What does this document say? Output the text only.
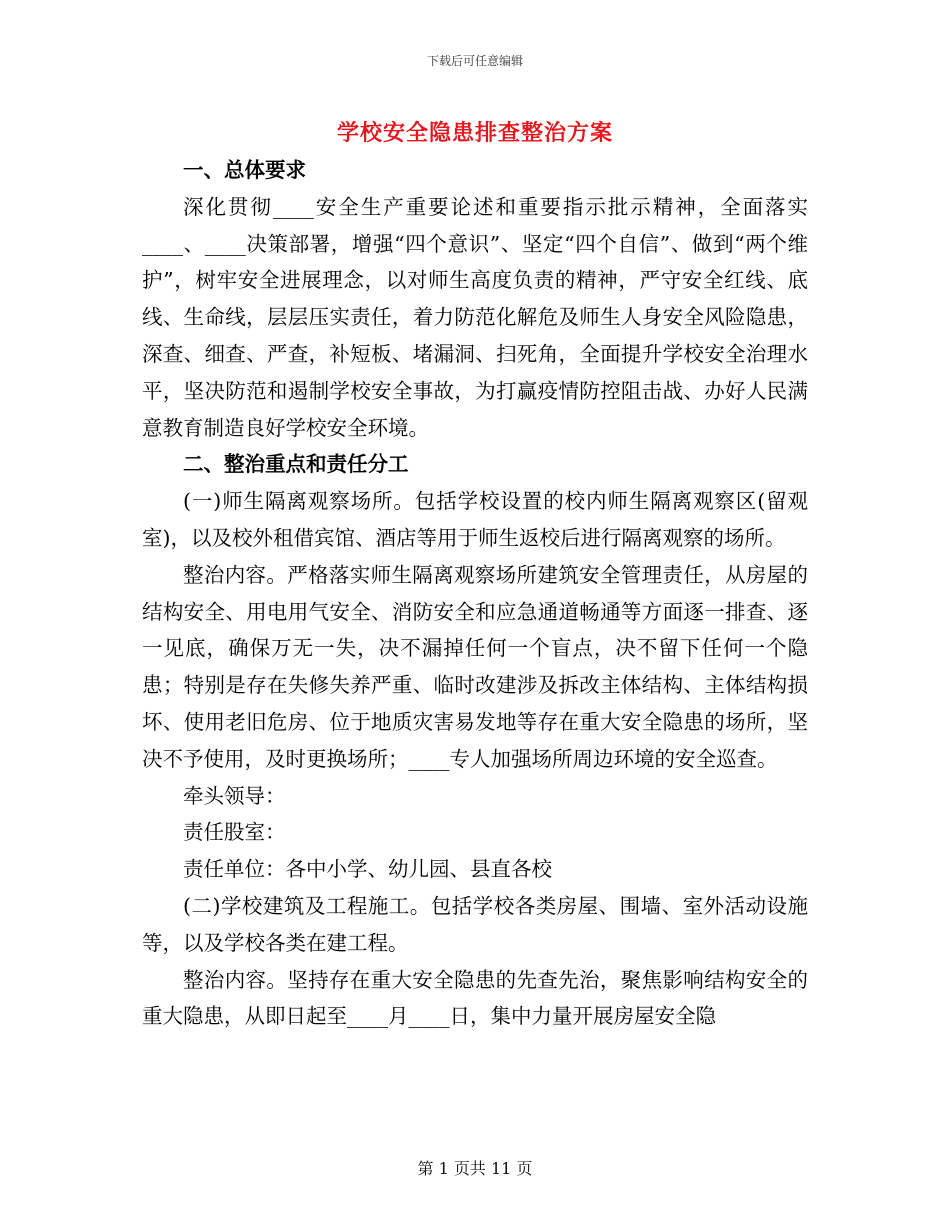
下载后可任意编辑
学校安全隐患排查整治方案
一、总体要求

深化贯彻____安全生产重要论述和重要指示批示精神，全面落实____、____决策部署，增强“四个意识”、坚定“四个自信”、做到“两个维护”，树牢安全进展理念，以对师生高度负责的精神，严守安全红线、底线、生命线，层层压实责任，着力防范化解危及师生人身安全风险隐患，深查、细查、严查，补短板、堵漏洞、扫死角，全面提升学校安全治理水平，坚决防范和遏制学校安全事故，为打赢疫情防控阻击战、办好人民满意教育制造良好学校安全环境。

二、整治重点和责任分工

(一)师生隔离观察场所。包括学校设置的校内师生隔离观察区(留观室)，以及校外租借宾馆、酒店等用于师生返校后进行隔离观察的场所。

整治内容。严格落实师生隔离观察场所建筑安全管理责任，从房屋的结构安全、用电用气安全、消防安全和应急通道畅通等方面逐一排查、逐一见底，确保万无一失，决不漏掉任何一个盲点，决不留下任何一个隐患；特别是存在失修失养严重、临时改建涉及拆改主体结构、主体结构损坏、使用老旧危房、位于地质灾害易发地等存在重大安全隐患的场所，坚决不予使用，及时更换场所；____专人加强场所周边环境的安全巡查。

牵头领导：

责任股室：

责任单位：各中小学、幼儿园、县直各校

(二)学校建筑及工程施工。包括学校各类房屋、围墙、室外活动设施等，以及学校各类在建工程。

整治内容。坚持存在重大安全隐患的先查先治，聚焦影响结构安全的重大隐患，从即日起至____月____日，集中力量开展房屋安全隐

第 1 页共 11 页
